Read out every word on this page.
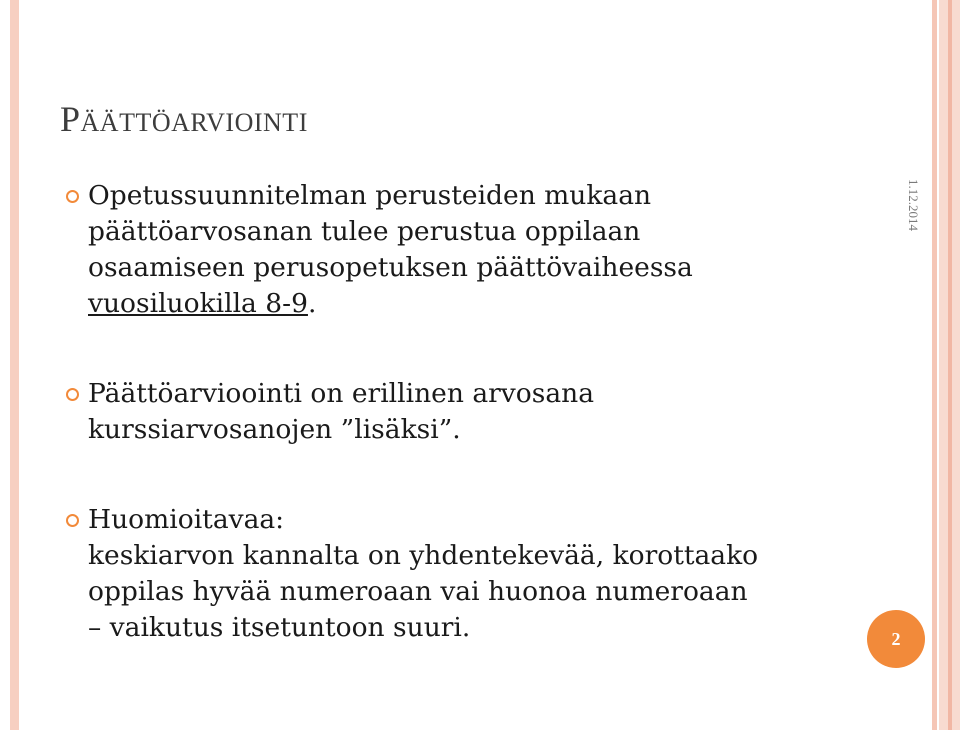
PÄÄTTÖARVIOINTI
Opetussuunnitelman perusteiden mukaan
päättöarvosanan tulee perustua oppilaan
osaamiseen perusopetuksen päättövaiheessa
vuosiluokilla 8-9.
Päättöarvioointi on erillinen arvosana
kurssiarvosanojen ”lisäksi”.
Huomioitavaa:
keskiarvon kannalta on yhdentekevää, korottaako
oppilas hyvää numeroaan vai huonoa numeroaan
– vaikutus itsetuntoon suuri.
1.12.2014
2
